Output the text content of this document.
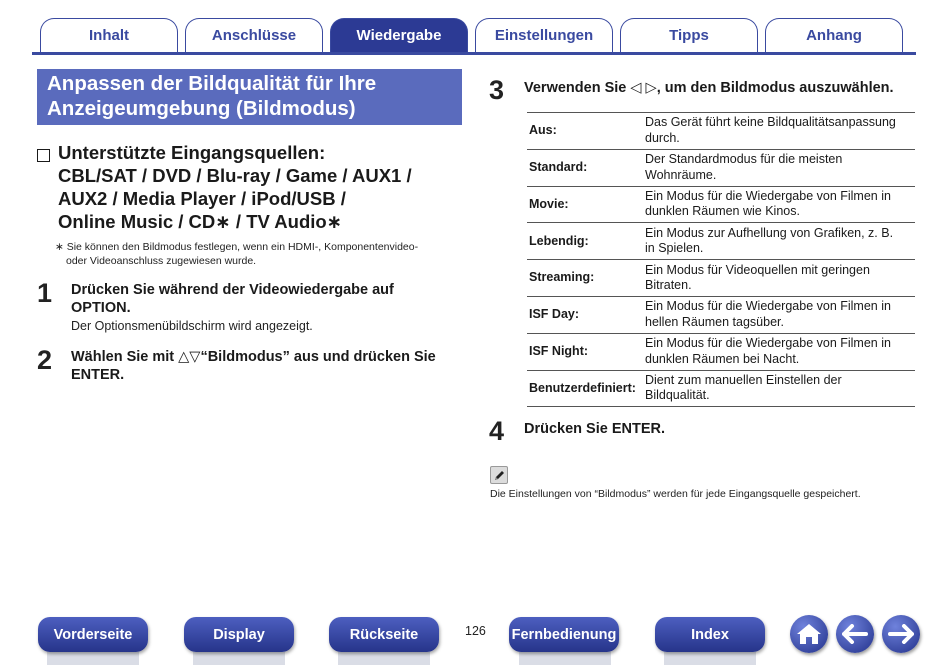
Inhalt	Anschlüsse	Wiedergabe	Einstellungen	Tipps	Anhang
Anpassen der Bildqualität für Ihre
Anzeigeumgebung (Bildmodus)
Unterstützte Eingangsquellen:
CBL/SAT / DVD / Blu-ray / Game / AUX1 /
AUX2 / Media Player / iPod/USB /
Online Music / CD∗ / TV Audio∗
∗ Sie können den Bildmodus festlegen, wenn ein HDMI-, Komponentenvideo-
oder Videoanschluss zugewiesen wurde.
1 Drücken Sie während der Videowiedergabe auf
OPTION.
Der Optionsmenübildschirm wird angezeigt.
2 Wählen Sie mit △▽“Bildmodus” aus und drücken Sie
ENTER.
3 Verwenden Sie ◁ ▷, um den Bildmodus auszuwählen.
Aus:	Das Gerät führt keine Bildqualitätsanpassung
durch.

Standard:	Der Standardmodus für die meisten
Wohnräume.

Movie:	Ein Modus für die Wiedergabe von Filmen in
dunklen Räumen wie Kinos.

Lebendig:	Ein Modus zur Aufhellung von Grafiken, z. B.
in Spielen.

Streaming:	Ein Modus für Videoquellen mit geringen
Bitraten.

ISF Day:	Ein Modus für die Wiedergabe von Filmen in
hellen Räumen tagsüber.

ISF Night:	Ein Modus für die Wiedergabe von Filmen in
dunklen Räumen bei Nacht.

Benutzerdefiniert:	Dient zum manuellen Einstellen der
Bildqualität.
4 Drücken Sie ENTER.
Die Einstellungen von “Bildmodus” werden für jede Eingangsquelle gespeichert.
Vorderseite	Display	Rückseite	126 Fernbedienung	Index
